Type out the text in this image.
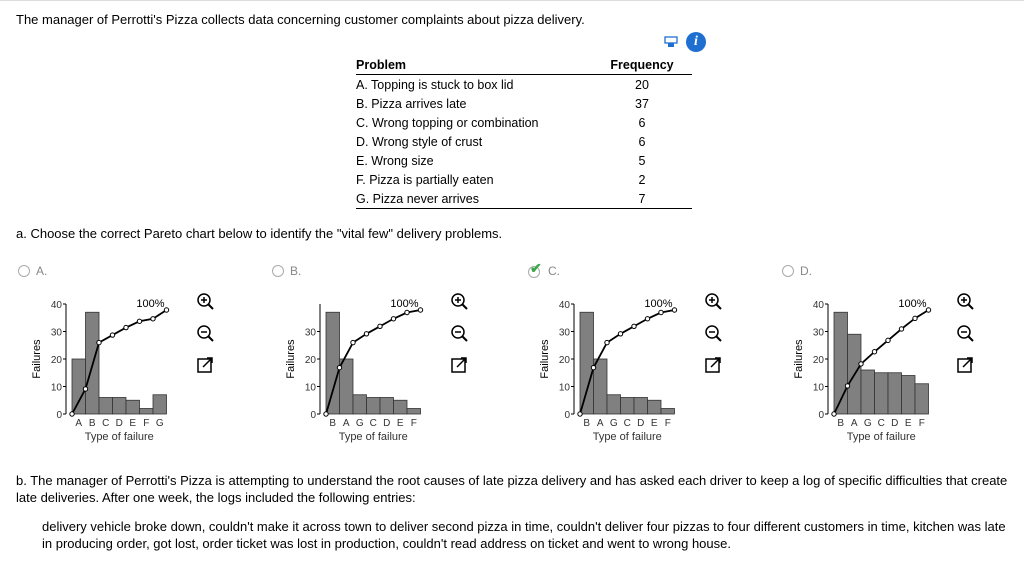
The manager of Perrotti's Pizza collects data concerning customer complaints about pizza delivery.
i
Problem	Frequency
A. Topping is stuck to box lid	20
B. Pizza arrives late	37
C. Wrong topping or combination	6
D. Wrong style of crust	6
E. Wrong size	5
F. Pizza is partially eaten	2
G. Pizza never arrives	7
a. Choose the correct Pareto chart below to identify the "vital few" delivery problems.
A.	B.	✔ C.	D.
Failures
0
10
20
30
40
A B C D E F G
100%
Type of failure
Failures
0
10
20
30
B A G C D E F
100%
Type of failure
Failures
0
10
20
30
40
B A G C D E F
100%
Type of failure
Failures
0
10
20
30
40
B A G C D E F
100%
Type of failure
b. The manager of Perrotti's Pizza is attempting to understand the root causes of late pizza delivery and has asked each driver to keep a log of specific difficulties that create late deliveries. After one week, the logs included the following entries:
delivery vehicle broke down, couldn't make it across town to deliver second pizza in time, couldn't deliver four pizzas to four different customers in time, kitchen was late in producing order, got lost, order ticket was lost in production, couldn't read address on ticket and went to wrong house.
